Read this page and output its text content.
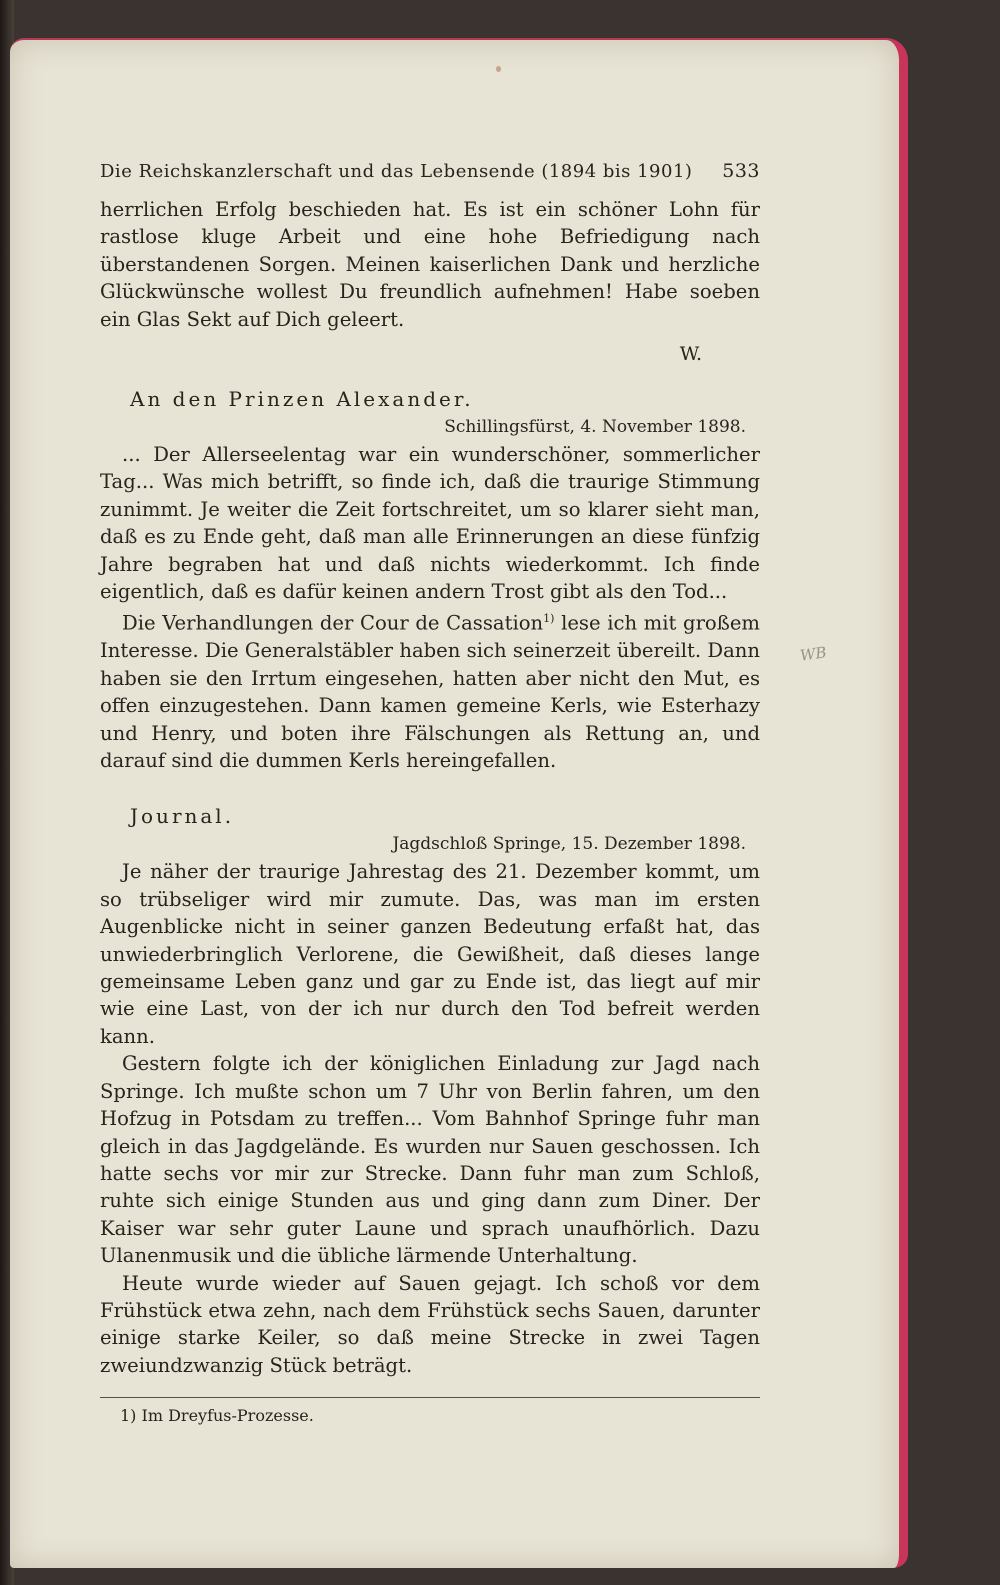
WB
Die Reichskanzlerschaft und das Lebensende (1894 bis 1901) 533

herrlichen Erfolg beschieden hat. Es ist ein schöner Lohn für rastlose kluge Arbeit und eine hohe Befriedigung nach überstandenen Sorgen. Meinen kaiserlichen Dank und herzliche Glückwünsche wollest Du freundlich aufnehmen! Habe soeben ein Glas Sekt auf Dich geleert.

W.
An den Prinzen Alexander.
Schillingsfürst, 4. November 1898.

... Der Allerseelentag war ein wunderschöner, sommerlicher Tag... Was mich betrifft, so finde ich, daß die traurige Stimmung zunimmt. Je weiter die Zeit fortschreitet, um so klarer sieht man, daß es zu Ende geht, daß man alle Erinnerungen an diese fünfzig Jahre begraben hat und daß nichts wiederkommt. Ich finde eigentlich, daß es dafür keinen andern Trost gibt als den Tod...

Die Verhandlungen der Cour de Cassation$^{1)}$ lese ich mit großem Interesse. Die Generalstäbler haben sich seinerzeit übereilt. Dann haben sie den Irrtum eingesehen, hatten aber nicht den Mut, es offen einzugestehen. Dann kamen gemeine Kerls, wie Esterhazy und Henry, und boten ihre Fälschungen als Rettung an, und darauf sind die dummen Kerls hereingefallen.

Journal.
Jagdschloß Springe, 15. Dezember 1898.

Je näher der traurige Jahrestag des 21. Dezember kommt, um so trübseliger wird mir zumute. Das, was man im ersten Augenblicke nicht in seiner ganzen Bedeutung erfaßt hat, das unwiederbringlich Verlorene, die Gewißheit, daß dieses lange gemeinsame Leben ganz und gar zu Ende ist, das liegt auf mir wie eine Last, von der ich nur durch den Tod befreit werden kann.

Gestern folgte ich der königlichen Einladung zur Jagd nach Springe. Ich mußte schon um 7 Uhr von Berlin fahren, um den Hofzug in Potsdam zu treffen... Vom Bahnhof Springe fuhr man gleich in das Jagdgelände. Es wurden nur Sauen geschossen. Ich hatte sechs vor mir zur Strecke. Dann fuhr man zum Schloß, ruhte sich einige Stunden aus und ging dann zum Diner. Der Kaiser war sehr guter Laune und sprach unaufhörlich. Dazu Ulanenmusik und die übliche lärmende Unterhaltung.

Heute wurde wieder auf Sauen gejagt. Ich schoß vor dem Frühstück etwa zehn, nach dem Frühstück sechs Sauen, darunter einige starke Keiler, so daß meine Strecke in zwei Tagen zweiundzwanzig Stück beträgt.

1) Im Dreyfus-Prozesse.
